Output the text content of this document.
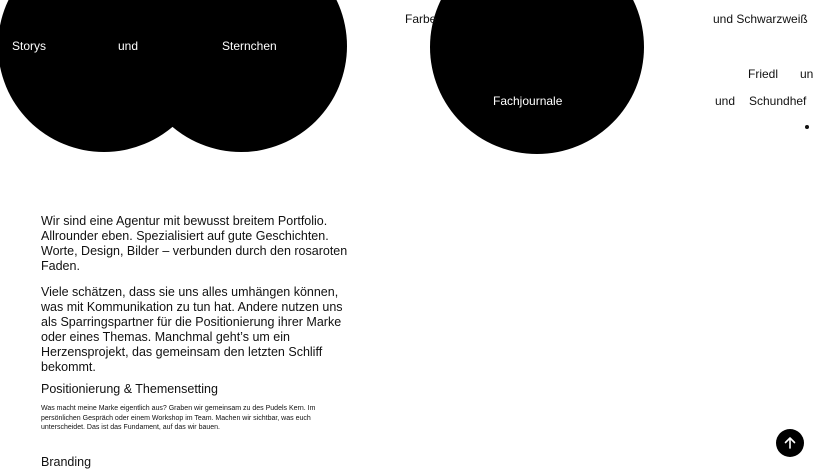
Storys	und	Sternchen
Farbe	und Schwarzweiß
Friedl un
Fachjournale	und Schundhef

Wir sind eine Agentur mit bewusst breitem Portfolio. Allrounder eben. Spezialisiert auf gute Geschichten. Worte, Design, Bilder – verbunden durch den rosaroten Faden.

Viele schätzen, dass sie uns alles umhängen können, was mit Kommunikation zu tun hat. Andere nutzen uns als Sparringspartner für die Positionierung ihrer Marke oder eines Themas. Manchmal geht’s um ein Herzensprojekt, das gemeinsam den letzten Schliff bekommt.

Positionierung & Themensetting

Was macht meine Marke eigentlich aus? Graben wir gemeinsam zu des Pudels Kern. Im persönlichen Gespräch oder einem Workshop im Team. Machen wir sichtbar, was euch unterscheidet. Das ist das Fundament, auf das wir bauen.

Branding
